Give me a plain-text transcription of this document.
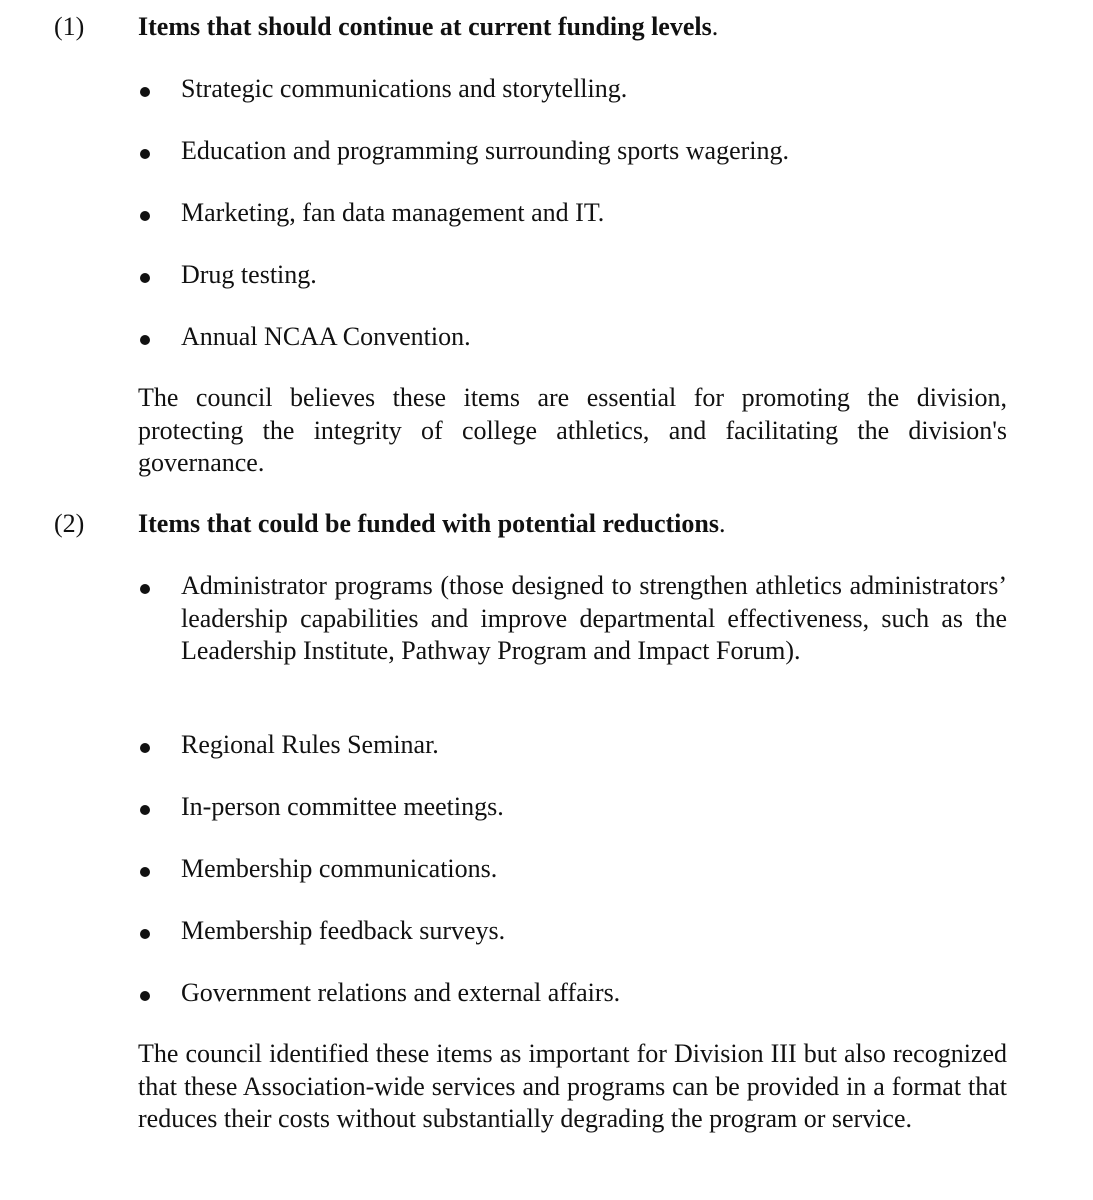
(1) Items that should continue at current funding levels.
Strategic communications and storytelling.
Education and programming surrounding sports wagering.
Marketing, fan data management and IT.
Drug testing.
Annual NCAA Convention.
The council believes these items are essential for promoting the division, protecting the integrity of college athletics, and facilitating the division's governance.
(2) Items that could be funded with potential reductions.
Administrator programs (those designed to strengthen athletics administrators’ leadership capabilities and improve departmental effectiveness, such as the Leadership Institute, Pathway Program and Impact Forum).
Regional Rules Seminar.
In-person committee meetings.
Membership communications.
Membership feedback surveys.
Government relations and external affairs.
The council identified these items as important for Division III but also recognized that these Association-wide services and programs can be provided in a format that reduces their costs without substantially degrading the program or service.
